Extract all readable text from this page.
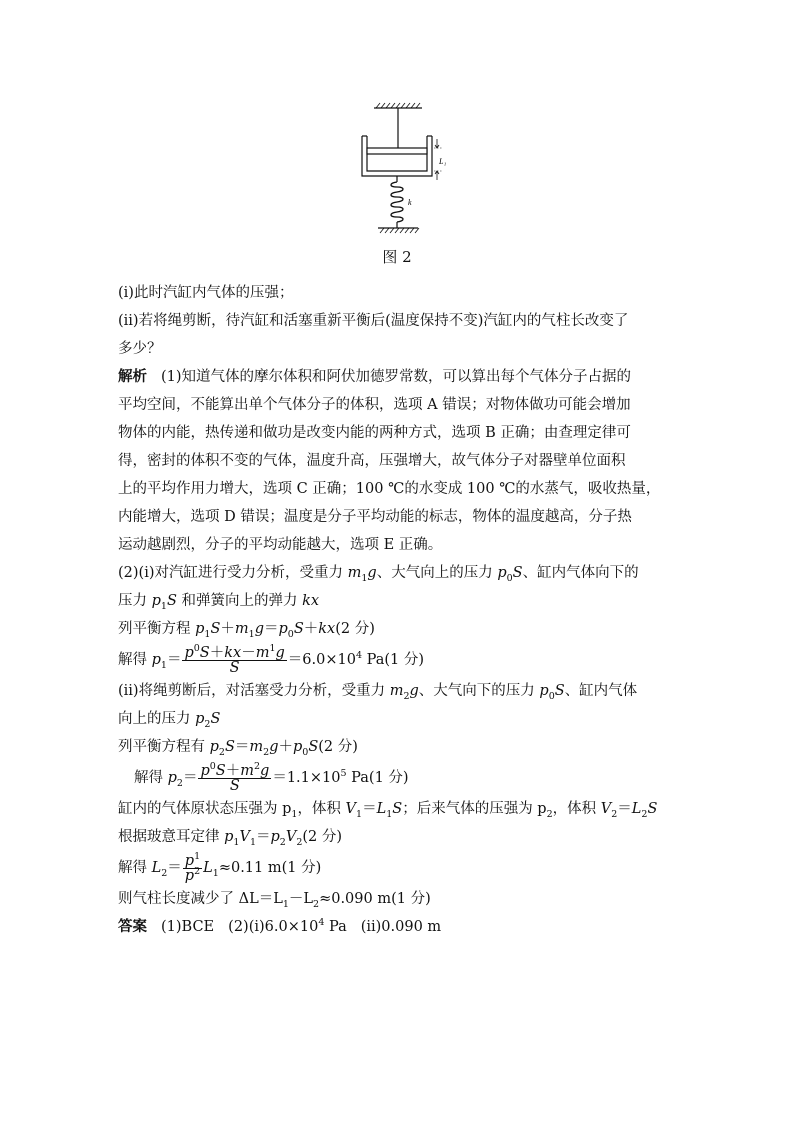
L₁
k
图 2
(ⅰ)此时汽缸内气体的压强；
(ⅱ)若将绳剪断，待汽缸和活塞重新平衡后(温度保持不变)汽缸内的气柱长改变了
多少？
解析 (1)知道气体的摩尔体积和阿伏加德罗常数，可以算出每个气体分子占据的
平均空间，不能算出单个气体分子的体积，选项 A 错误；对物体做功可能会增加
物体的内能，热传递和做功是改变内能的两种方式，选项 B 正确；由查理定律可
得，密封的体积不变的气体，温度升高，压强增大，故气体分子对器壁单位面积
上的平均作用力增大，选项 C 正确；100 ℃的水变成 100 ℃的水蒸气，吸收热量，
内能增大，选项 D 错误；温度是分子平均动能的标志，物体的温度越高，分子热
运动越剧烈，分子的平均动能越大，选项 E 正确。
(2)(ⅰ)对汽缸进行受力分析，受重力 $m_1g$、大气向上的压力 $p_0S$、缸内气体向下的
压力 $p_1S$ 和弹簧向上的弹力 kx
列平衡方程 $p_1S+m_1g=p_0S+kx(2$ 分)
解得 $p_1= \frac{p^0S+kx-m^1g}{S} =6.0\times 10^4$ Pa(1 分)
(ⅱ)将绳剪断后，对活塞受力分析，受重力 $m_2g$、大气向下的压力 $p_0S$、缸内气体
向上的压力 $p_2S$
列平衡方程有 $p_2S=m_2g+p_0S(2$ 分)
解得 $p_2= \frac{p^0S+m^2g}{S} =1.1\times 10^5$ Pa(1 分)
缸内的气体原状态压强为 $p_1$，体积 $V_1=L_1S$；后来气体的压强为 $p_2$，体积 $V_2=L_2S$
根据玻意耳定律 $p_1V_1=p_2V_2(2$ 分)
解得 $L_2= \frac{p^1}{p^2} L_1\approx 0.11$ m(1 分)
则气柱长度减少了 $\Delta L=L_1-L_2\approx 0.090$ m(1 分)
答案 (1)BCE $(2)(ⅰ)6.0\times 10^4$ Pa (ⅱ)0.090 m
